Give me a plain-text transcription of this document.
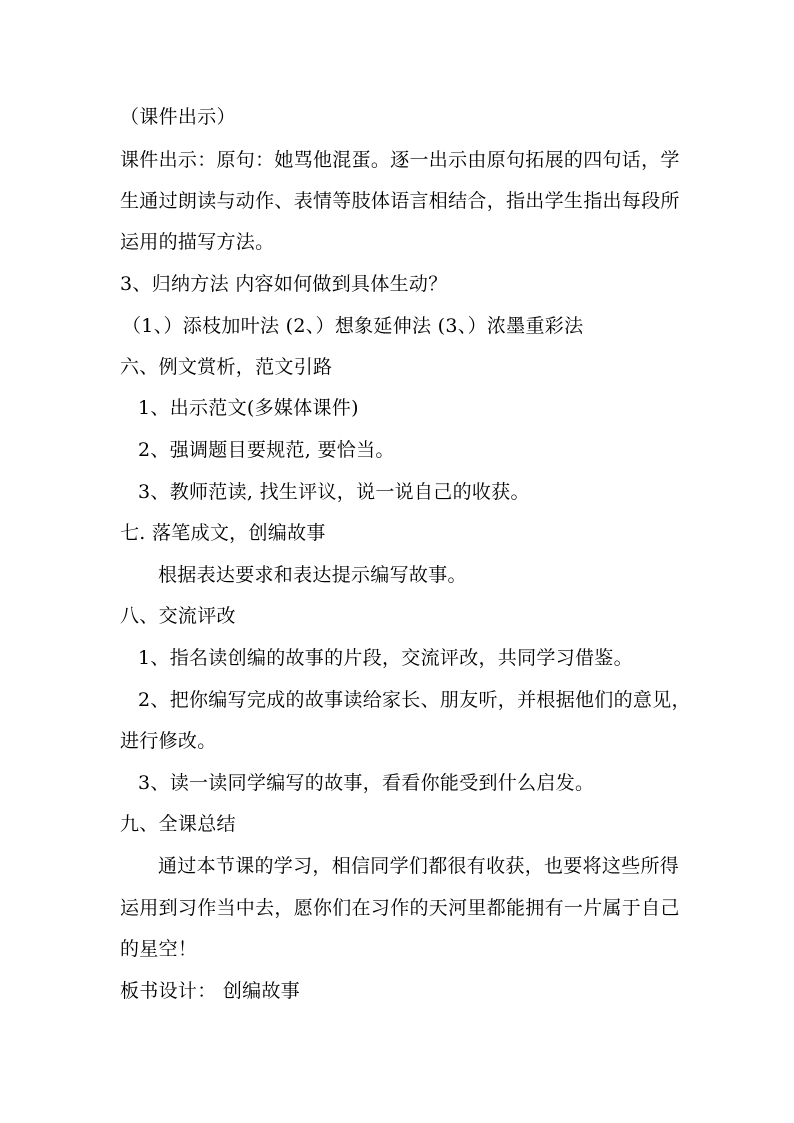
（课件出示）
课件出示：原句：她骂他混蛋。逐一出示由原句拓展的四句话，学
生通过朗读与动作、表情等肢体语言相结合，指出学生指出每段所
运用的描写方法。
3、归纳方法 内容如何做到具体生动？
（1、）添枝加叶法 (2、）想象延伸法 (3、）浓墨重彩法
六、例文赏析，范文引路
1、出示范文(多媒体课件)
2、强调题目要规范, 要恰当。
3、教师范读, 找生评议，说一说自己的收获。
七. 落笔成文，创编故事
根据表达要求和表达提示编写故事。
八、交流评改
1、指名读创编的故事的片段，交流评改，共同学习借鉴。
2、把你编写完成的故事读给家长、朋友听，并根据他们的意见，
进行修改。
3、读一读同学编写的故事，看看你能受到什么启发。
九、全课总结
通过本节课的学习，相信同学们都很有收获，也要将这些所得
运用到习作当中去，愿你们在习作的天河里都能拥有一片属于自己
的星空！
板书设计： 创编故事
